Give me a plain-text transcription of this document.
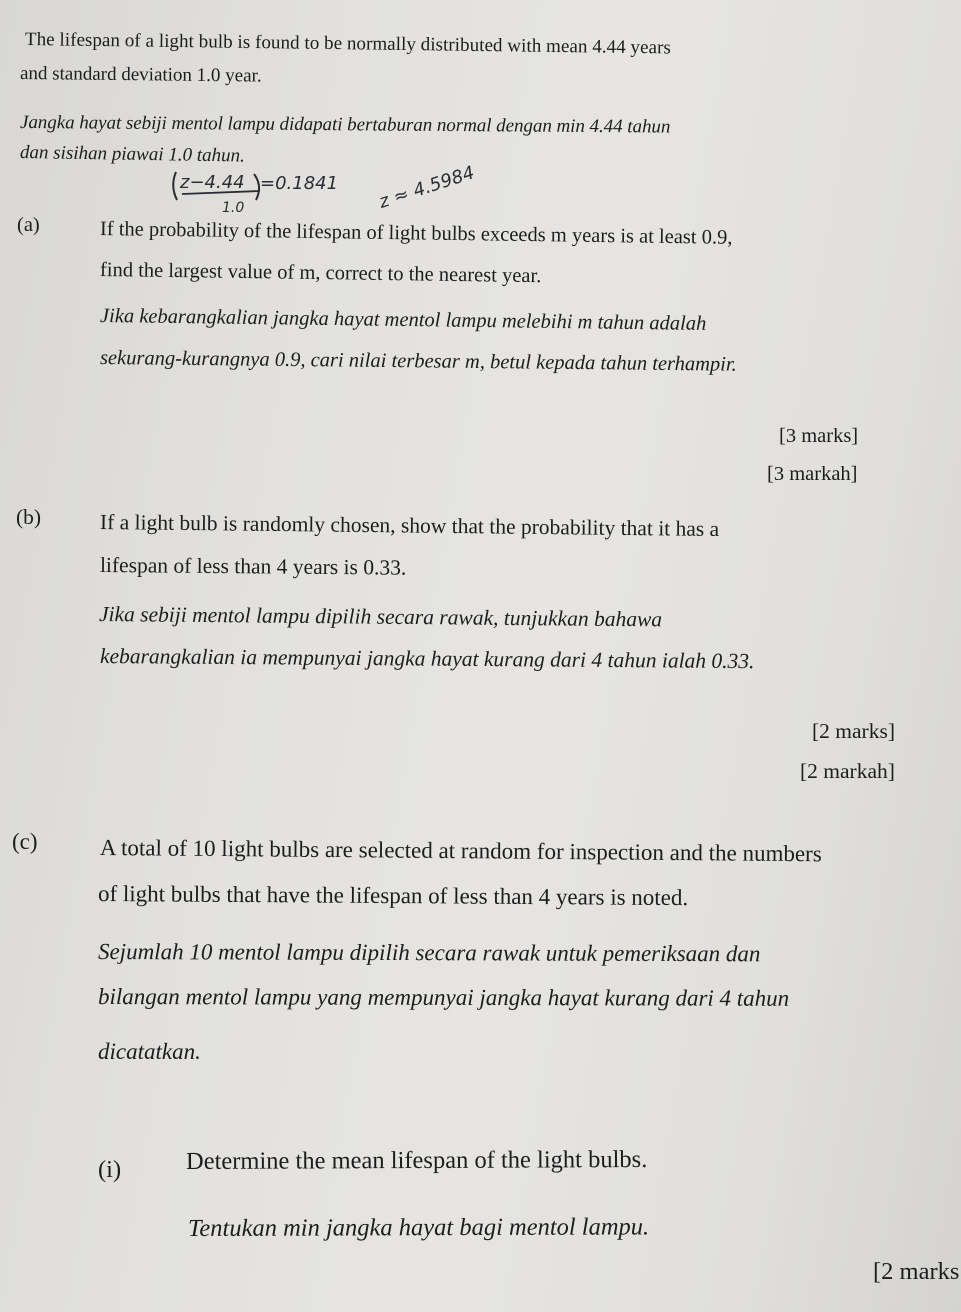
The lifespan of a light bulb is found to be normally distributed with mean 4.44 years
and standard deviation 1.0 year.
Jangka hayat sebiji mentol lampu didapati bertaburan normal dengan min 4.44 tahun
dan sisihan piawai 1.0 tahun.
z−4.44
1.0
=0.1841 z ≈ 4.5984
(a)	If the probability of the lifespan of light bulbs exceeds m years is at least 0.9,
find the largest value of m, correct to the nearest year.
Jika kebarangkalian jangka hayat mentol lampu melebihi m tahun adalah
sekurang-kurangnya 0.9, cari nilai terbesar m, betul kepada tahun terhampir.
[3 marks]
[3 markah]
(b)	If a light bulb is randomly chosen, show that the probability that it has a
lifespan of less than 4 years is 0.33.
Jika sebiji mentol lampu dipilih secara rawak, tunjukkan bahawa
kebarangkalian ia mempunyai jangka hayat kurang dari 4 tahun ialah 0.33.
[2 marks]
[2 markah]
(c)	A total of 10 light bulbs are selected at random for inspection and the numbers
of light bulbs that have the lifespan of less than 4 years is noted.
Sejumlah 10 mentol lampu dipilih secara rawak untuk pemeriksaan dan
bilangan mentol lampu yang mempunyai jangka hayat kurang dari 4 tahun
dicatatkan.
(i)	Determine the mean lifespan of the light bulbs.
Tentukan min jangka hayat bagi mentol lampu.
[2 marks
